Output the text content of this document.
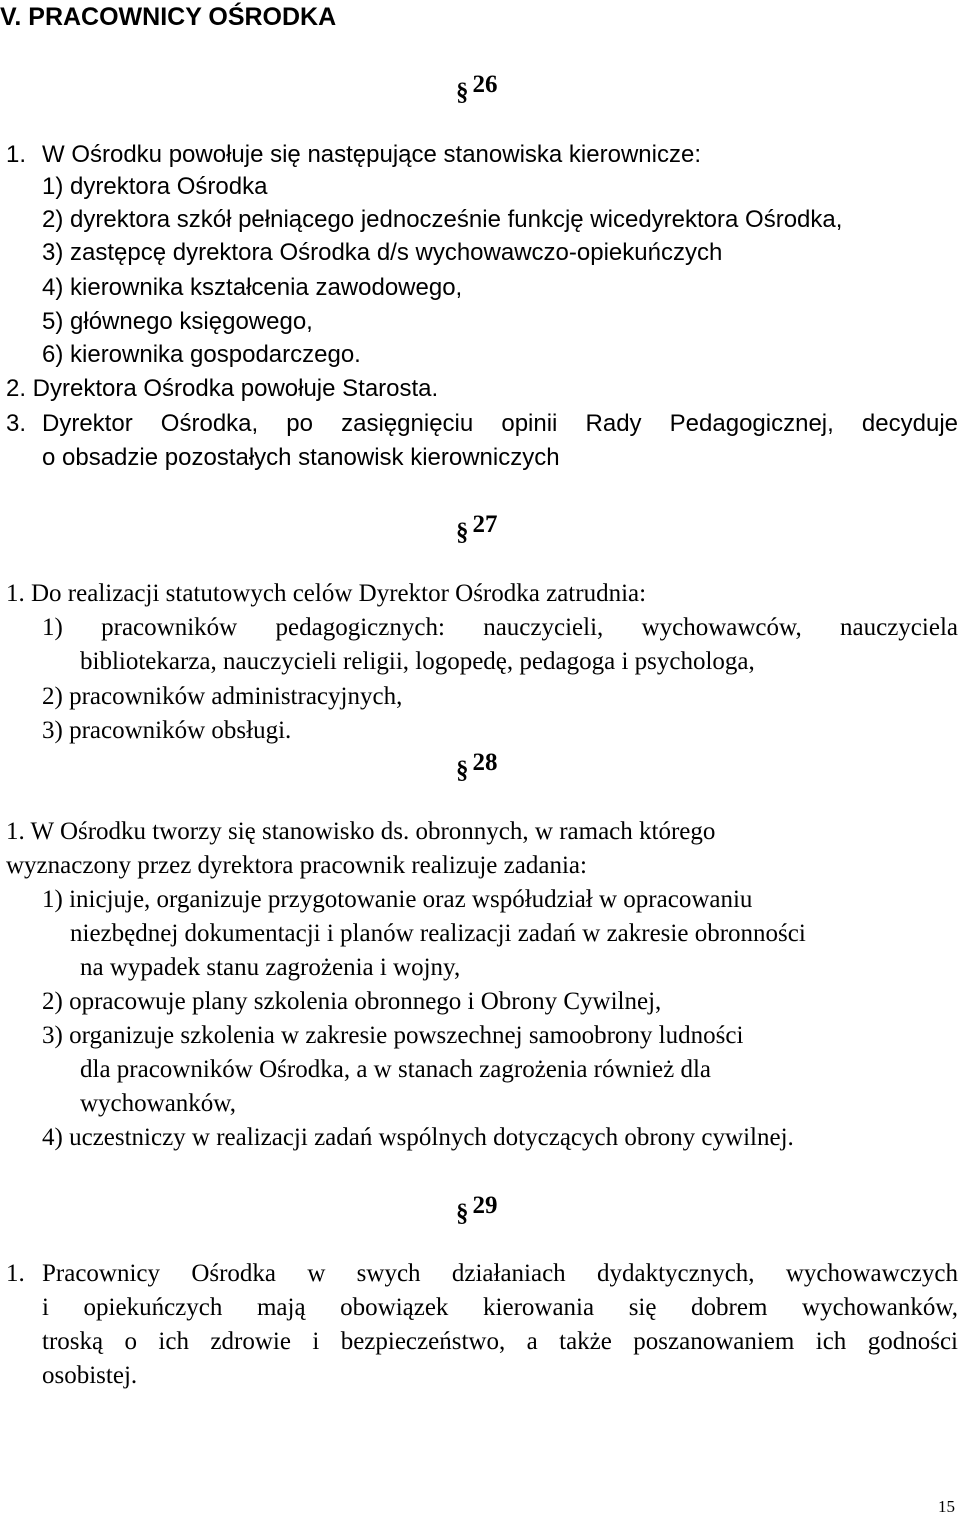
V. PRACOWNICY OŚRODKA
§ 26
1. W Ośrodku powołuje się następujące stanowiska kierownicze:
1) dyrektora Ośrodka
2) dyrektora szkół pełniącego jednocześnie funkcję wicedyrektora Ośrodka,
3) zastępcę dyrektora Ośrodka d/s wychowawczo-opiekuńczych
4) kierownika kształcenia zawodowego,
5) głównego księgowego,
6) kierownika gospodarczego.
2. Dyrektora Ośrodka powołuje Starosta.
3. Dyrektor Ośrodka, po zasięgnięciu opinii Rady Pedagogicznej, decyduje
o obsadzie pozostałych stanowisk kierowniczych
§ 27
1. Do realizacji statutowych celów Dyrektor Ośrodka zatrudnia:
1) pracowników pedagogicznych: nauczycieli, wychowawców, nauczyciela
bibliotekarza, nauczycieli religii, logopedę, pedagoga i psychologa,
2) pracowników administracyjnych,
3) pracowników obsługi.
§ 28
1. W Ośrodku tworzy się stanowisko ds. obronnych, w ramach którego
wyznaczony przez dyrektora pracownik realizuje zadania:
1) inicjuje, organizuje przygotowanie oraz współudział w opracowaniu
niezbędnej dokumentacji i planów realizacji zadań w zakresie obronności
na wypadek stanu zagrożenia i wojny,
2) opracowuje plany szkolenia obronnego i Obrony Cywilnej,
3) organizuje szkolenia w zakresie powszechnej samoobrony ludności
dla pracowników Ośrodka, a w stanach zagrożenia również dla
wychowanków,
4) uczestniczy w realizacji zadań wspólnych dotyczących obrony cywilnej.
§ 29
1. Pracownicy Ośrodka w swych działaniach dydaktycznych, wychowawczych
i opiekuńczych mają obowiązek kierowania się dobrem wychowanków,
troską o ich zdrowie i bezpieczeństwo, a także poszanowaniem ich godności
osobistej.
15
